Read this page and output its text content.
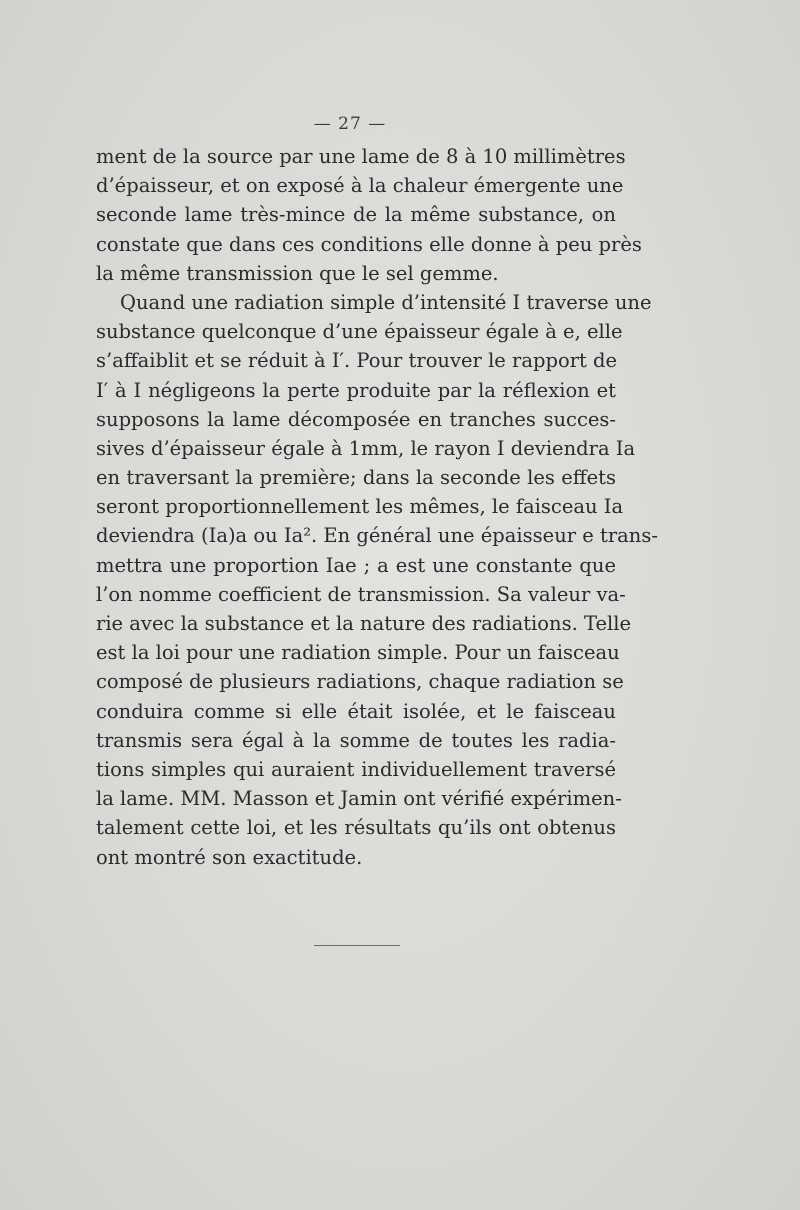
— 27 —
ment de la source par une lame de 8 à 10 millimètres
d’épaisseur, et on exposé à la chaleur émergente une
seconde lame très-mince de la même substance, on
constate que dans ces conditions elle donne à peu près
la même transmission que le sel gemme.
Quand une radiation simple d’intensité I traverse une
substance quelconque d’une épaisseur égale à e, elle
s’affaiblit et se réduit à I′. Pour trouver le rapport de
I′ à I négligeons la perte produite par la réflexion et
supposons la lame décomposée en tranches succes-
sives d’épaisseur égale à 1mm, le rayon I deviendra Ia
en traversant la première; dans la seconde les effets
seront proportionnellement les mêmes, le faisceau Ia
deviendra (Ia)a ou Ia². En général une épaisseur e trans-
mettra une proportion Iae ; a est une constante que
l’on nomme coefficient de transmission. Sa valeur va-
rie avec la substance et la nature des radiations. Telle
est la loi pour une radiation simple. Pour un faisceau
composé de plusieurs radiations, chaque radiation se
conduira comme si elle était isolée, et le faisceau
transmis sera égal à la somme de toutes les radia-
tions simples qui auraient individuellement traversé
la lame. MM. Masson et Jamin ont vérifié expérimen-
talement cette loi, et les résultats qu’ils ont obtenus
ont montré son exactitude.
